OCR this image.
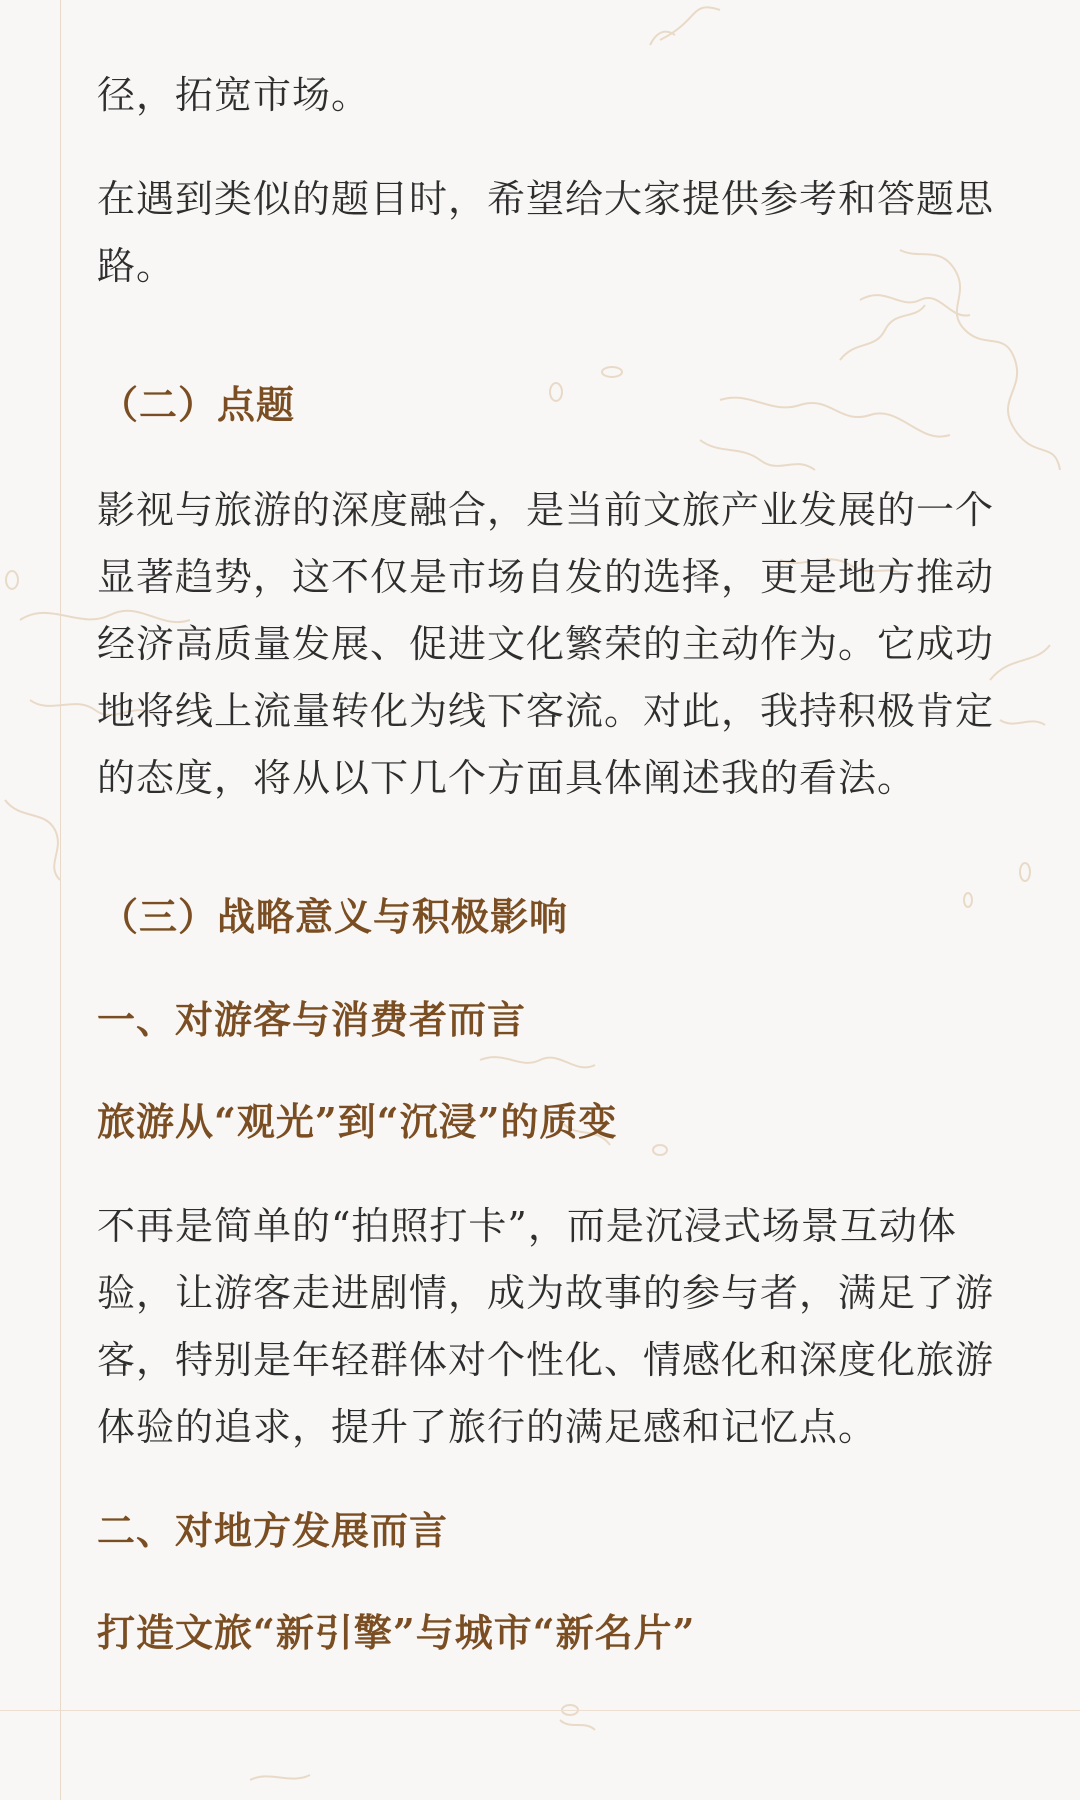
径，拓宽市场。

在遇到类似的题目时，希望给大家提供参考和答题思路。

（二）点题

影视与旅游的深度融合，是当前文旅产业发展的一个显著趋势，这不仅是市场自发的选择，更是地方推动经济高质量发展、促进文化繁荣的主动作为。它成功地将线上流量转化为线下客流。对此，我持积极肯定的态度，将从以下几个方面具体阐述我的看法。

（三）战略意义与积极影响
一、对游客与消费者而言
旅游从“观光”到“沉浸”的质变

不再是简单的“拍照打卡”，而是沉浸式场景互动体验，让游客走进剧情，成为故事的参与者，满足了游客，特别是年轻群体对个性化、情感化和深度化旅游体验的追求，提升了旅行的满足感和记忆点。

二、对地方发展而言
打造文旅“新引擎”与城市“新名片”
